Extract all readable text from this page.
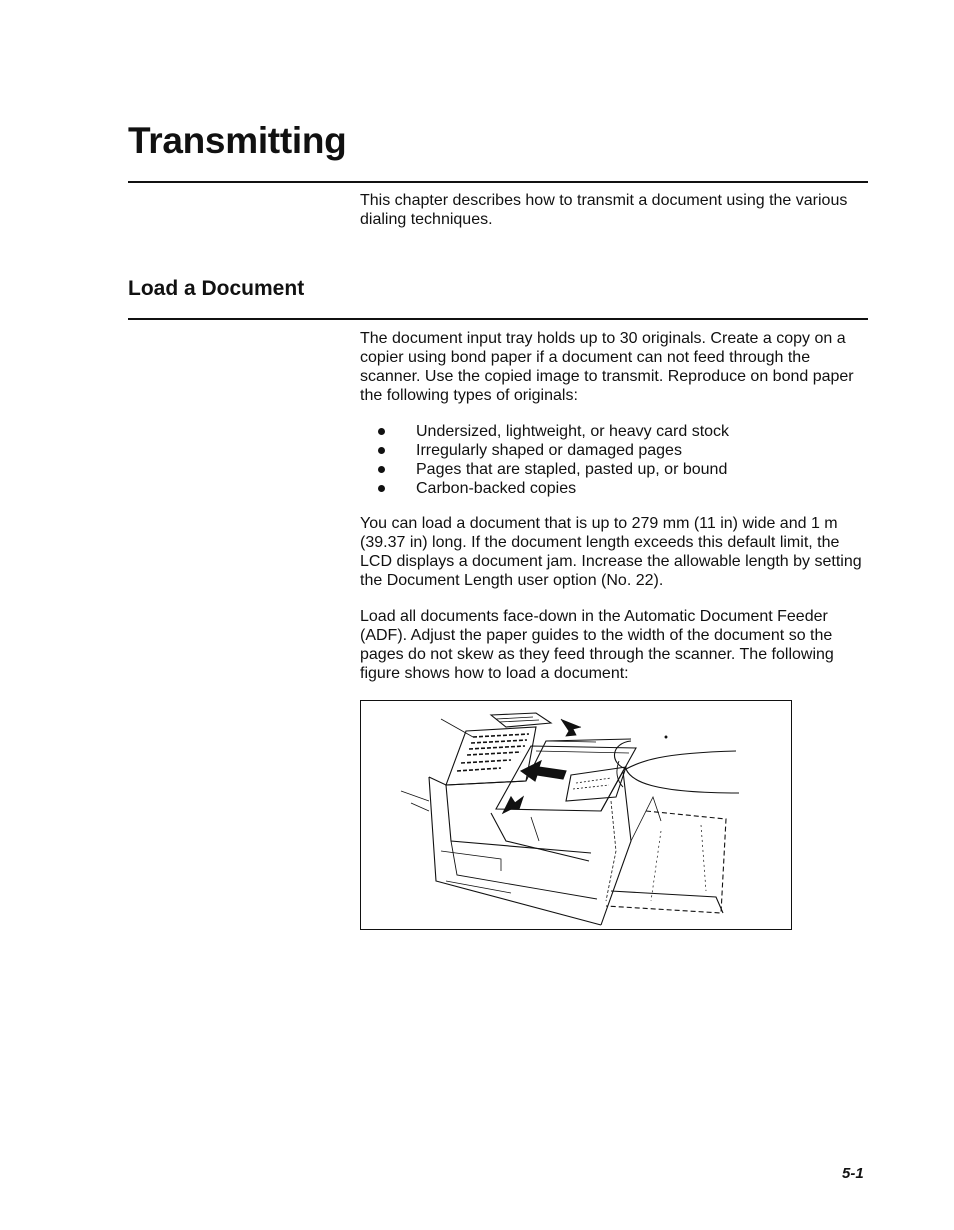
Transmitting

This chapter describes how to transmit a document using the various dialing techniques.

Load a Document

The document input tray holds up to 30 originals. Create a copy on a copier using bond paper if a document can not feed through the scanner. Use the copied image to transmit. Reproduce on bond paper the following types of originals:

Undersized, lightweight, or heavy card stock
Irregularly shaped or damaged pages
Pages that are stapled, pasted up, or bound
Carbon-backed copies

You can load a document that is up to 279 mm (11 in) wide and 1 m (39.37 in) long. If the document length exceeds this default limit, the LCD displays a document jam. Increase the allowable length by setting the Document Length user option (No. 22).

Load all documents face-down in the Automatic Document Feeder (ADF). Adjust the paper guides to the width of the document so the pages do not skew as they feed through the scanner. The following figure shows how to load a document:

5-1
